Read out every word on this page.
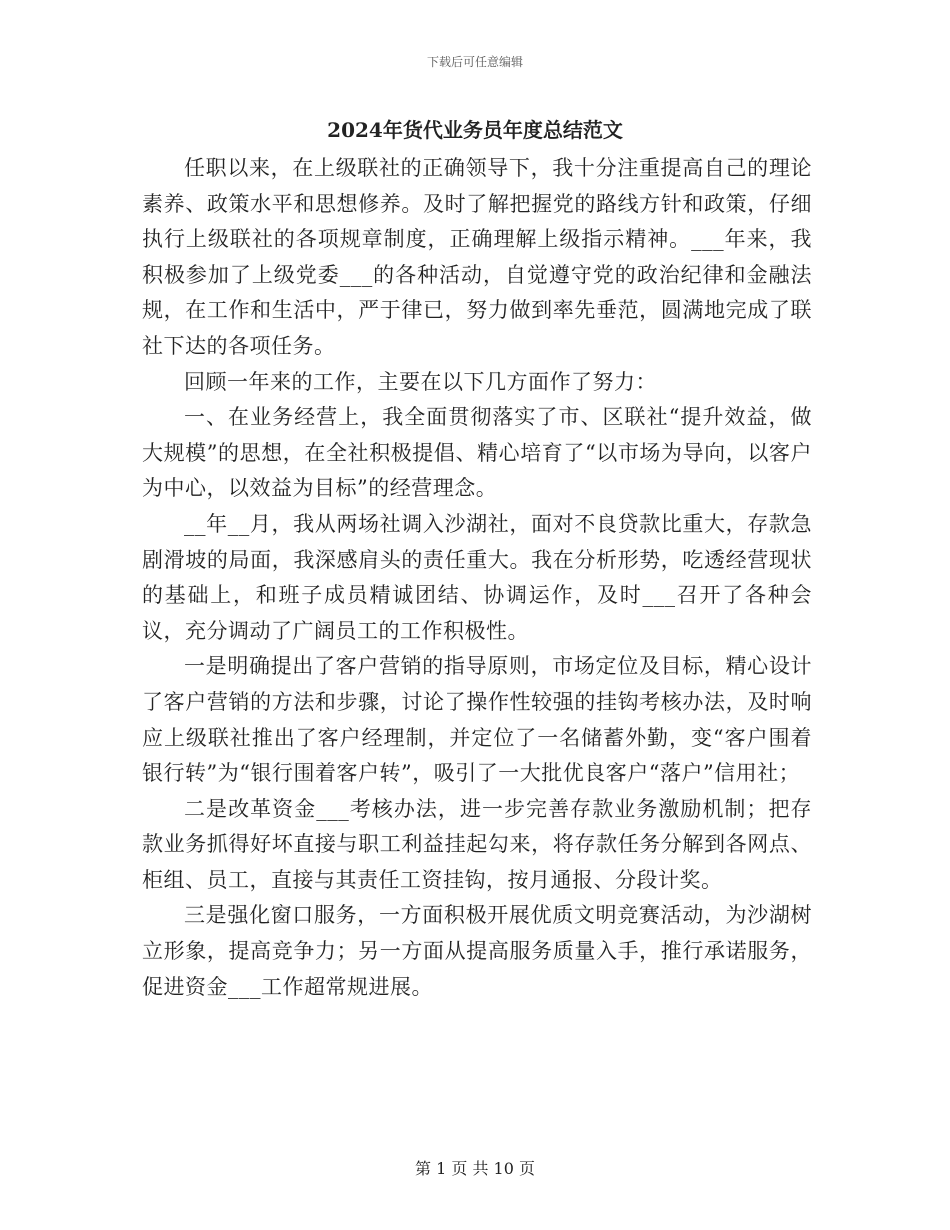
下载后可任意编辑
2024年货代业务员年度总结范文

任职以来，在上级联社的正确领导下，我十分注重提高自己的理论素养、政策水平和思想修养。及时了解把握党的路线方针和政策，仔细执行上级联社的各项规章制度，正确理解上级指示精神。___年来，我积极参加了上级党委___的各种活动，自觉遵守党的政治纪律和金融法规，在工作和生活中，严于律已，努力做到率先垂范，圆满地完成了联社下达的各项任务。

回顾一年来的工作，主要在以下几方面作了努力：

一、在业务经营上，我全面贯彻落实了市、区联社“提升效益，做大规模”的思想，在全社积极提倡、精心培育了“以市场为导向，以客户为中心，以效益为目标”的经营理念。

__年__月，我从两场社调入沙湖社，面对不良贷款比重大，存款急剧滑坡的局面，我深感肩头的责任重大。我在分析形势，吃透经营现状的基础上，和班子成员精诚团结、协调运作，及时___召开了各种会议，充分调动了广阔员工的工作积极性。

一是明确提出了客户营销的指导原则，市场定位及目标，精心设计了客户营销的方法和步骤，讨论了操作性较强的挂钩考核办法，及时响应上级联社推出了客户经理制，并定位了一名储蓄外勤，变“客户围着银行转”为“银行围着客户转”，吸引了一大批优良客户“落户”信用社；

二是改革资金___考核办法，进一步完善存款业务激励机制；把存款业务抓得好坏直接与职工利益挂起勾来，将存款任务分解到各网点、柜组、员工，直接与其责任工资挂钩，按月通报、分段计奖。

三是强化窗口服务，一方面积极开展优质文明竞赛活动，为沙湖树立形象，提高竞争力；另一方面从提高服务质量入手，推行承诺服务，促进资金___工作超常规进展。

第 1 页 共 10 页
